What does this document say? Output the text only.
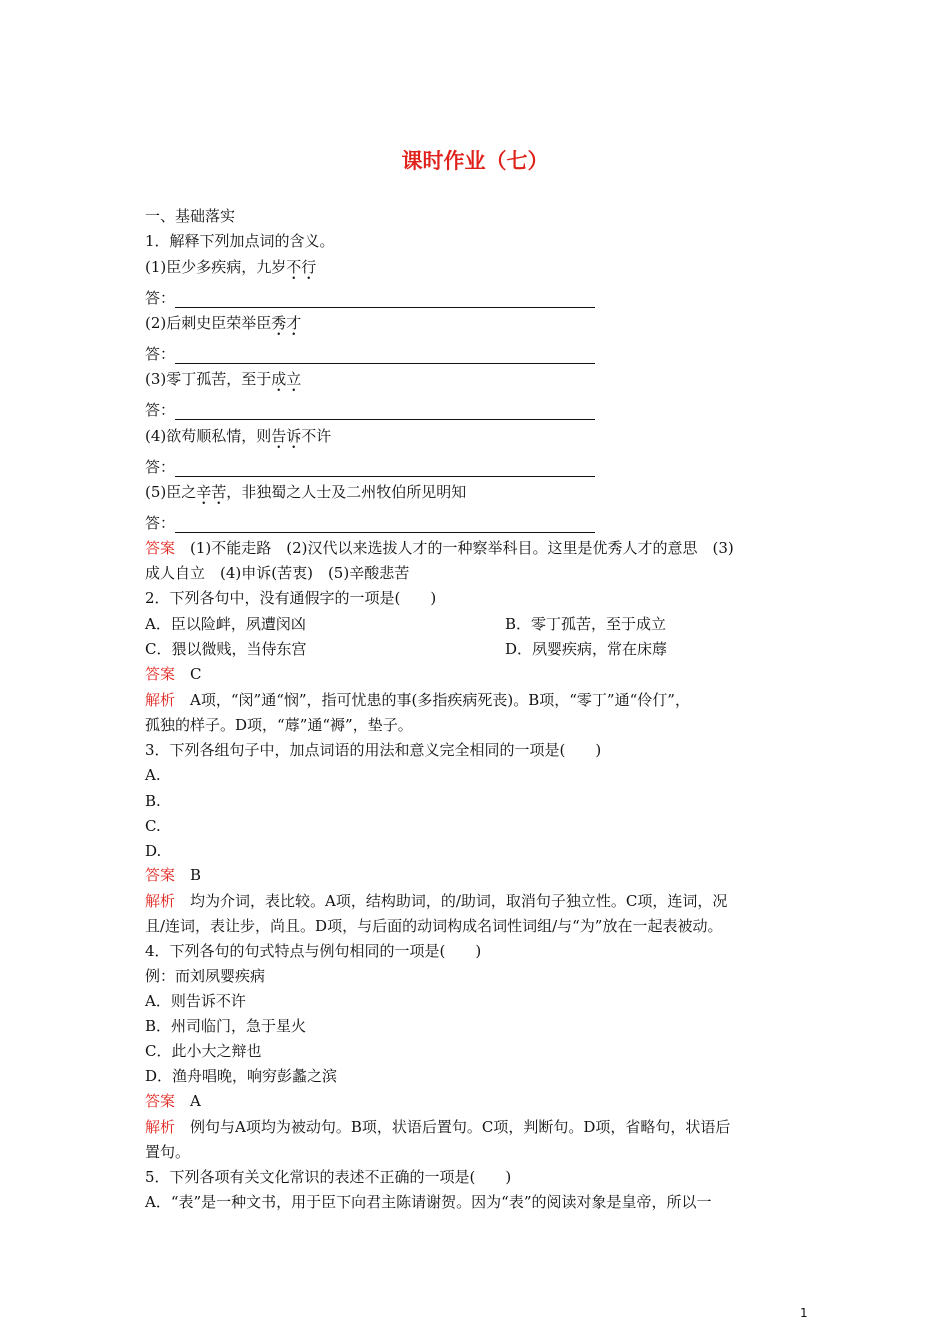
课时作业（七）
一、基础落实
1．解释下列加点词的含义。
(1)臣少多疾病，九岁不行
答：
(2)后刺史臣荣举臣秀才
答：
(3)零丁孤苦，至于成立
答：
(4)欲苟顺私情，则告诉不许
答：
(5)臣之辛苦，非独蜀之人士及二州牧伯所见明知
答：
答案　 (1)不能走路　(2)汉代以来选拔人才的一种察举科目。这里是优秀人才的意思　(3)
成人自立　(4)申诉(苦衷)　(5)辛酸悲苦
2．下列各句中，没有通假字的一项是(　　)
A．臣以险衅，夙遭闵凶	B．零丁孤苦，至于成立
C．猥以微贱，当侍东宫	D．夙婴疾病，常在床蓐
答案　 C
解析　 A项，“闵”通“悯”，指可忧患的事(多指疾病死丧)。B项，“零丁”通“伶仃”，
孤独的样子。D项，“蓐”通“褥”，垫子。
3．下列各组句子中，加点词语的用法和意义完全相同的一项是(　　)
A.
B.
C.
D.
答案　 B
解析　 均为介词，表比较。A项，结构助词，的/助词，取消句子独立性。C项，连词，况
且/连词，表让步，尚且。D项，与后面的动词构成名词性词组/与“为”放在一起表被动。
4．下列各句的句式特点与例句相同的一项是(　　)
例：而刘夙婴疾病
A．则告诉不许
B．州司临门，急于星火
C．此小大之辩也
D．渔舟唱晚，响穷彭蠡之滨
答案　 A
解析　 例句与A项均为被动句。B项，状语后置句。C项，判断句。D项，省略句，状语后
置句。
5．下列各项有关文化常识的表述不正确的一项是(　　)
A．“表”是一种文书，用于臣下向君主陈请谢贺。因为“表”的阅读对象是皇帝，所以一
1
